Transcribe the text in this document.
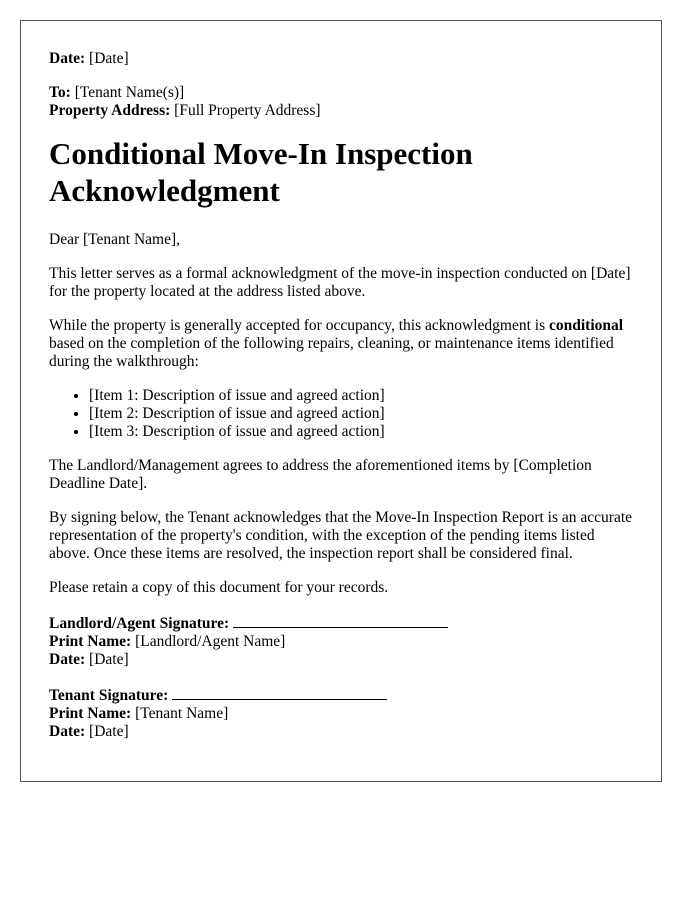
Date: [Date]

To: [Tenant Name(s)]

Property Address: [Full Property Address]

Conditional Move-In Inspection Acknowledgment

Dear [Tenant Name],

This letter serves as a formal acknowledgment of the move-in inspection conducted on [Date] for the property located at the address listed above.

While the property is generally accepted for occupancy, this acknowledgment is conditional based on the completion of the following repairs, cleaning, or maintenance items identified during the walkthrough:

• [Item 1: Description of issue and agreed action]
• [Item 2: Description of issue and agreed action]
• [Item 3: Description of issue and agreed action]

The Landlord/Management agrees to address the aforementioned items by [Completion Deadline Date].

By signing below, the Tenant acknowledges that the Move-In Inspection Report is an accurate representation of the property's condition, with the exception of the pending items listed above. Once these items are resolved, the inspection report shall be considered final.

Please retain a copy of this document for your records.

Landlord/Agent Signature:

Print Name: [Landlord/Agent Name]

Date: [Date]

Tenant Signature:

Print Name: [Tenant Name]

Date: [Date]
